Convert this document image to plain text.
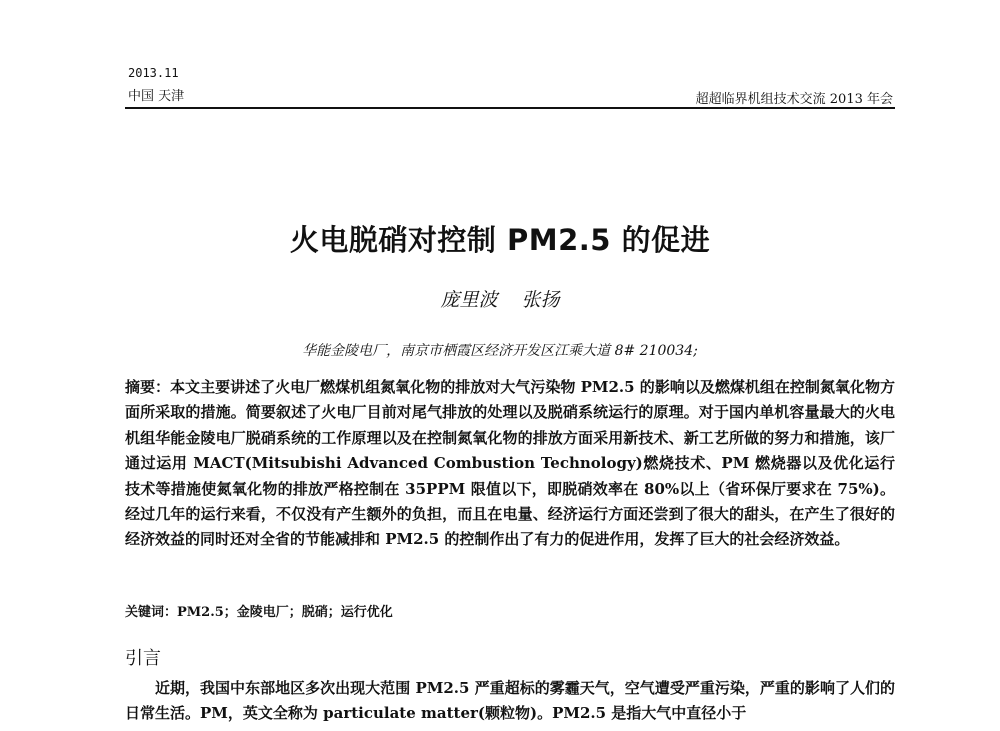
2013.11
中国 天津	超超临界机组技术交流 2013 年会
火电脱硝对控制 PM2.5 的促进
庞里波 张扬
华能金陵电厂，南京市栖霞区经济开发区江乘大道 8# 210034;
摘要：本文主要讲述了火电厂燃煤机组氮氧化物的排放对大气污染物 PM2.5 的影响以及燃煤机组在控制氮氧化物方面所采取的措施。简要叙述了火电厂目前对尾气排放的处理以及脱硝系统运行的原理。对于国内单机容量最大的火电机组华能金陵电厂脱硝系统的工作原理以及在控制氮氧化物的排放方面采用新技术、新工艺所做的努力和措施，该厂通过运用 MACT(Mitsubishi Advanced Combustion Technology)燃烧技术、PM 燃烧器以及优化运行技术等措施使氮氧化物的排放严格控制在 35PPM 限值以下，即脱硝效率在 80%以上（省环保厅要求在 75%)。经过几年的运行来看，不仅没有产生额外的负担，而且在电量、经济运行方面还尝到了很大的甜头，在产生了很好的经济效益的同时还对全省的节能减排和 PM2.5 的控制作出了有力的促进作用，发挥了巨大的社会经济效益。
关键词：PM2.5；金陵电厂；脱硝；运行优化
引言
近期，我国中东部地区多次出现大范围 PM2.5 严重超标的雾霾天气，空气遭受严重污染，严重的影响了人们的日常生活。PM，英文全称为 particulate matter(颗粒物)。PM2.5 是指大气中直径小于
